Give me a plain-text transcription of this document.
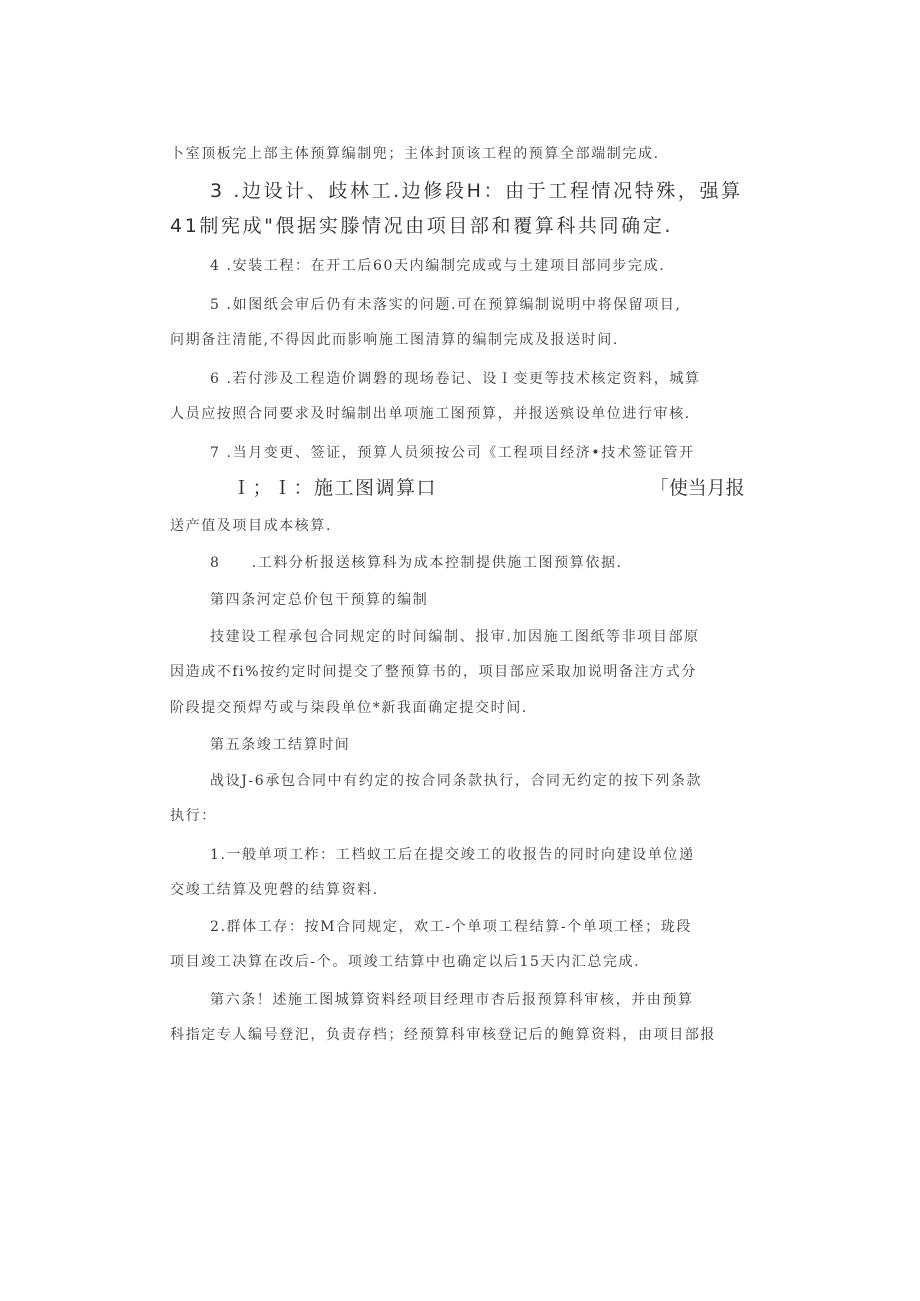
卜室顶板完上部主体预算编制兜；主体封顶该工程的预算全部端制完成.
3 .边设计、歧林工.边修段H：由于工程情况特殊，强算
41制宪成"偎据实滕情况由项目部和覆算科共同确定.
4 .安装工程：在开工后60天内编制完成或与土建项目部同步完成.
5 .如图纸会审后仍有未落实的问题.可在预算编制说明中将保留项目,
问期备注清能,不得因此而影响施工图清算的编制完成及报送时间.
6 .若付涉及工程造价调磐的现场卷记、设Ｉ变更等技术核定资料，城算
人员应按照合同要求及时编制出单项施工图预算，并报送殡设单位进行审核.
7 .当月变更、签证，预算人员须按公司《工程项目经济•技术签证管开
Ｉ；Ｉ：施工图调算口	「使当月报
送产值及项目成本核算.
8　　.工料分析报送核算科为成本控制提供施工图预算依据.
第四条河定总价包干预算的编制
技建设工程承包合同规定的时间编制、报审.加因施工图纸等非项目部原
因造成不fi%按约定时间提交了整预算书的，项目部应采取加说明备注方式分
阶段提交预焊芍或与柒段单位*新我面确定提交时间.
第五条竣工结算时间
战设J-6承包合同中有约定的按合同条款执行，合同无约定的按下列条款
执行：
1.一般单项工柞：工档蚁工后在提交竣工的收报告的同时向建设单位递
交竣工结算及兜磬的结算资料.
2.群体工存：按M合同规定，欢工-个单项工程结算-个单项工柽；珑段
项目竣工决算在改后-个。项竣工结算中也确定以后15天内汇总完成.
第六条！述施工图城算资料经项目经理市杏后报预算科审核，并由预算
科指定专人编号登汜，负责存档；经预算科审核登记后的鲍算资料，由项目部报
